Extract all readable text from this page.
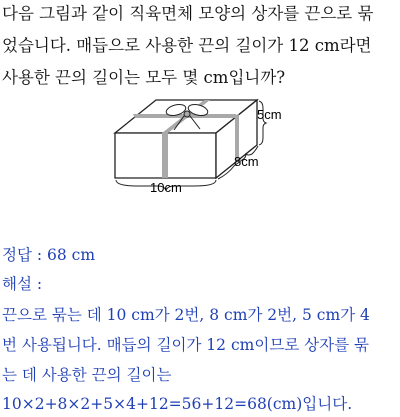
다음 그림과 같이 직육면체 모양의 상자를 끈으로 묶
었습니다. 매듭으로 사용한 끈의 길이가 12 cm라면
사용한 끈의 길이는 모두 몇 cm입니까?
5cm
8cm
10cm
정답 : 68 cm
해설 :
끈으로 묶는 데 10 cm가 2번, 8 cm가 2번, 5 cm가 4
번 사용됩니다. 매듭의 길이가 12 cm이므로 상자를 묶
는 데 사용한 끈의 길이는
10×2+8×2+5×4+12=56+12=68(cm)입니다.
